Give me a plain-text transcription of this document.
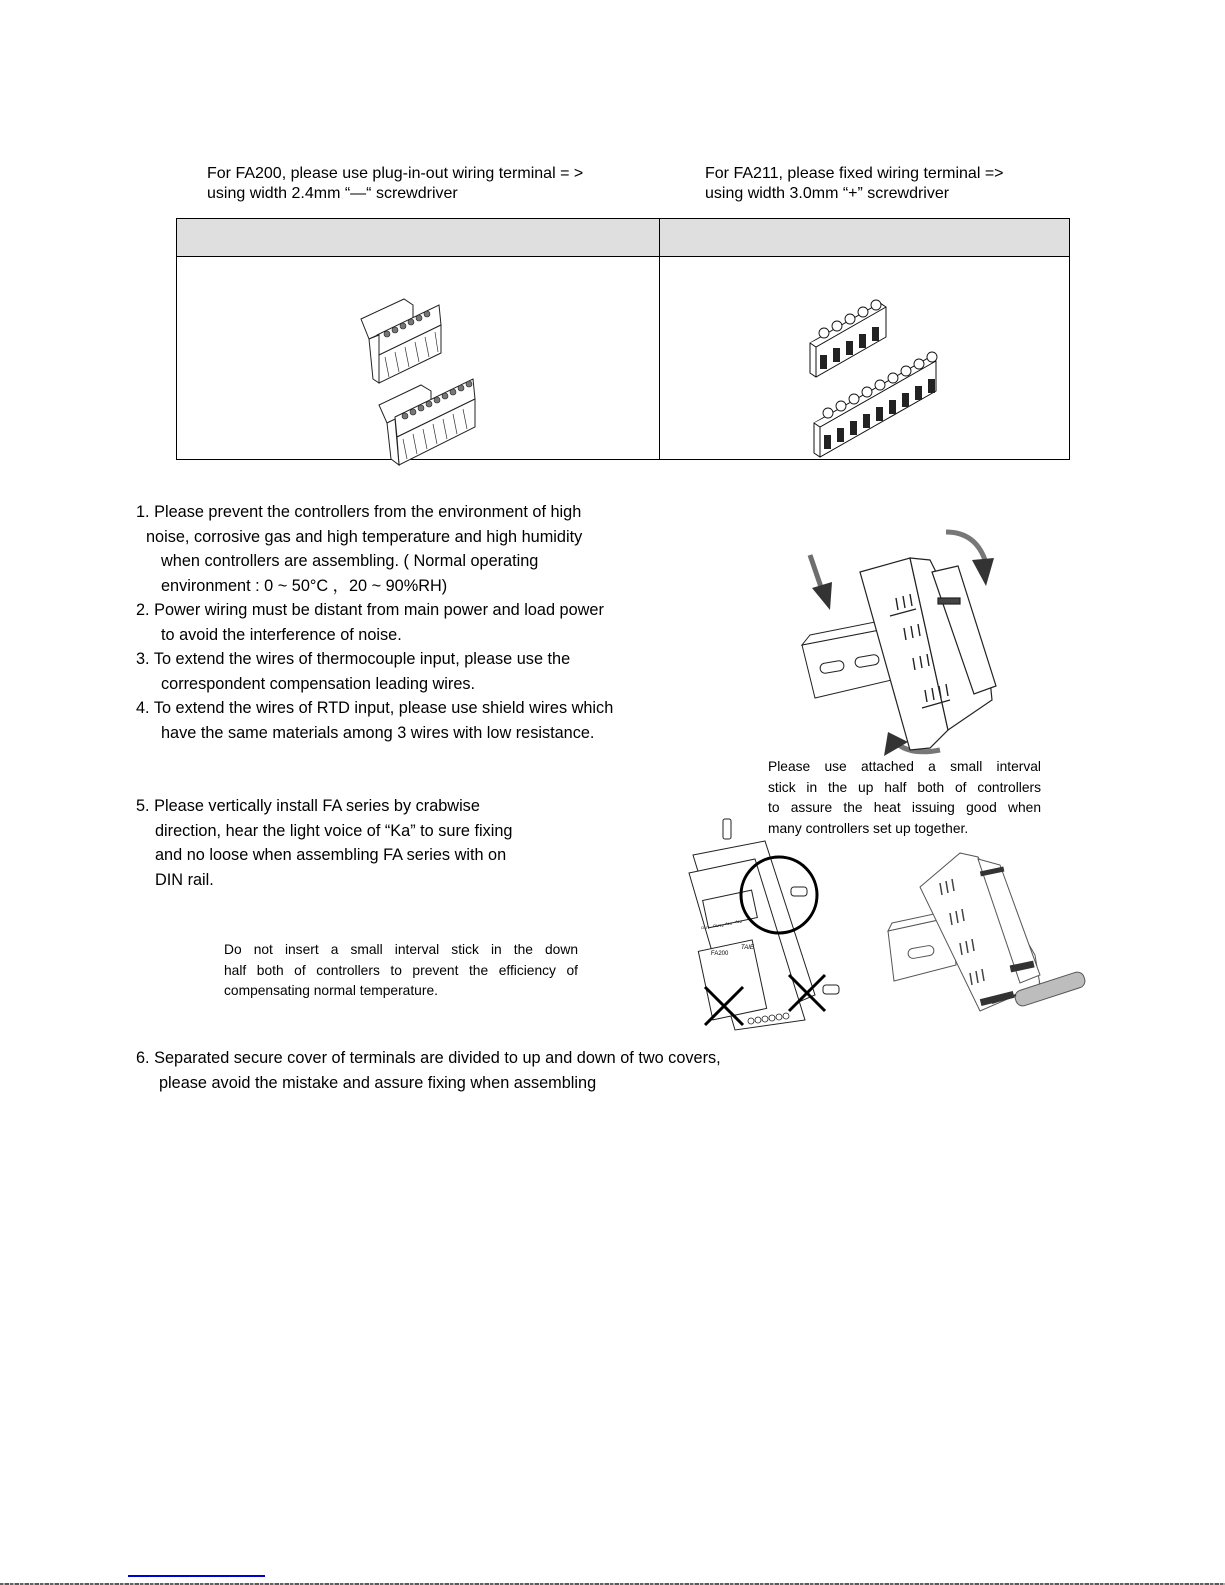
For FA200, please use plug-in-out wiring terminal = >
using width 2.4mm “—“ screwdriver
For FA211, please fixed wiring terminal =>
using width 3.0mm “+” screwdriver

1. Please prevent the controllers from the environment of high
noise, corrosive gas and high temperature and high humidity
when controllers are assembling. ( Normal operating
environment : 0 ~ 50°C ，20 ~ 90%RH)
2. Power wiring must be distant from main power and load power
to avoid the interference of noise.
3. To extend the wires of thermocouple input, please use the
correspondent compensation leading wires.
4. To extend the wires of RTD input, please use shield wires which
have the same materials among 3 wires with low resistance.
5. Please vertically install FA series by crabwise
direction, hear the light voice of “Ka” to sure fixing
and no loose when assembling FA series with on
DIN rail.
Do not insert a small interval stick in the down
half both of controllers to prevent the efficiency of
compensating normal temperature.
Please use attached a small interval
stick in the up half both of controllers
to assure the heat issuing good when
many controllers set up together.
6. Separated secure cover of terminals are divided to up and down of two covers,
please avoid the mistake and assure fixing when assembling
FA200
TAIE
OUT OUT2 AL1 AL2
